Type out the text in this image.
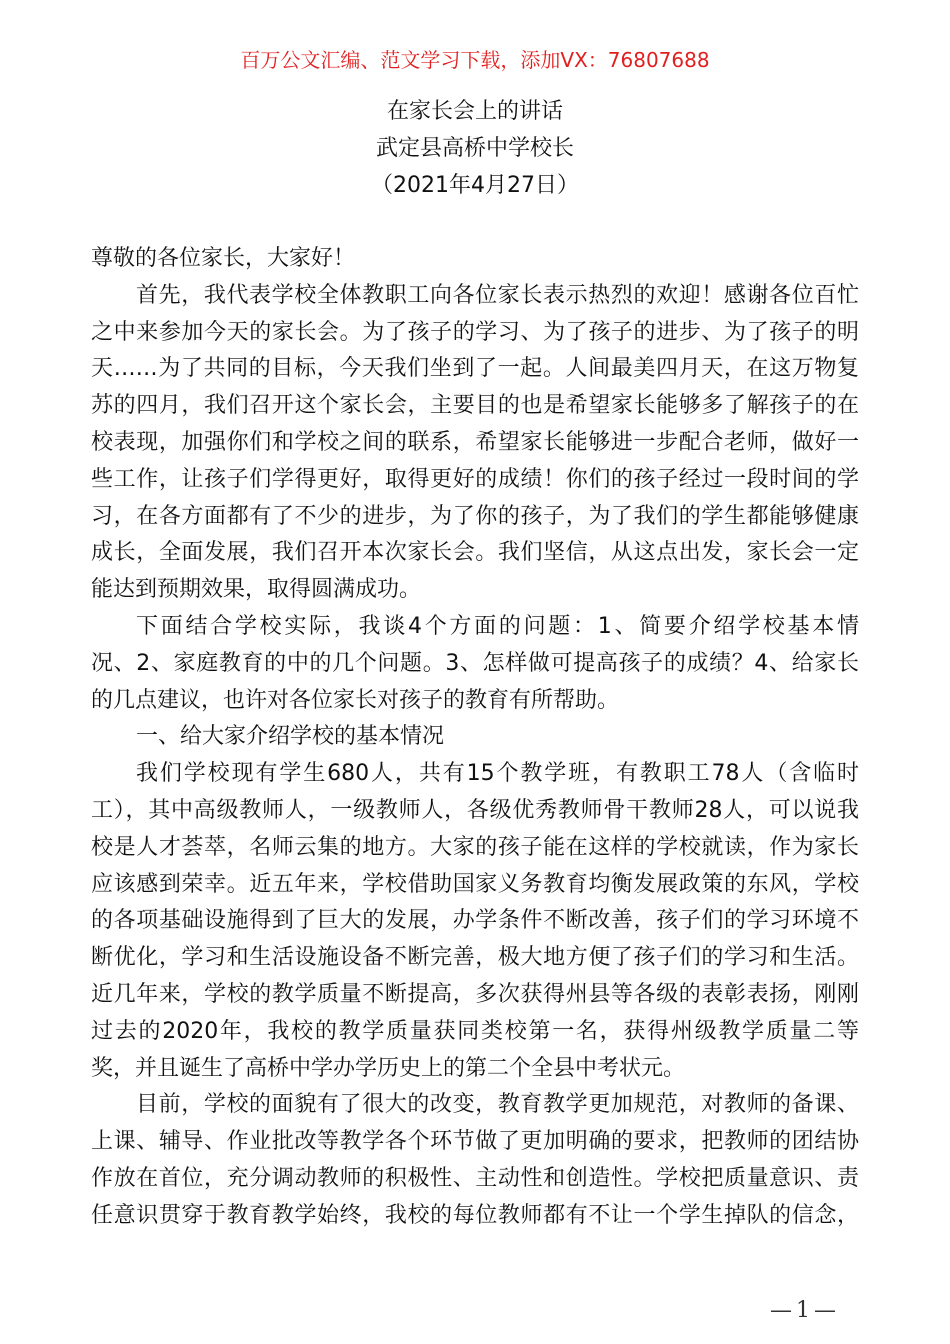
百万公文汇编、范文学习下载，添加VX：76807688
在家长会上的讲话
武定县高桥中学校长
（2021年4月27日）
尊敬的各位家长，大家好！
首先，我代表学校全体教职工向各位家长表示热烈的欢迎！感谢各位百忙
之中来参加今天的家长会。为了孩子的学习、为了孩子的进步、为了孩子的明
天……为了共同的目标，今天我们坐到了一起。人间最美四月天，在这万物复
苏的四月，我们召开这个家长会，主要目的也是希望家长能够多了解孩子的在
校表现，加强你们和学校之间的联系，希望家长能够进一步配合老师，做好一
些工作，让孩子们学得更好，取得更好的成绩！你们的孩子经过一段时间的学
习，在各方面都有了不少的进步，为了你的孩子，为了我们的学生都能够健康
成长，全面发展，我们召开本次家长会。我们坚信，从这点出发，家长会一定
能达到预期效果，取得圆满成功。
下面结合学校实际，我谈4个方面的问题：1、简要介绍学校基本情
况、2、家庭教育的中的几个问题。3、怎样做可提高孩子的成绩？4、给家长
的几点建议，也许对各位家长对孩子的教育有所帮助。
一、给大家介绍学校的基本情况
我们学校现有学生680人，共有15个教学班，有教职工78人（含临时
工），其中高级教师人，一级教师人，各级优秀教师骨干教师28人，可以说我
校是人才荟萃，名师云集的地方。大家的孩子能在这样的学校就读，作为家长
应该感到荣幸。近五年来，学校借助国家义务教育均衡发展政策的东风，学校
的各项基础设施得到了巨大的发展，办学条件不断改善，孩子们的学习环境不
断优化，学习和生活设施设备不断完善，极大地方便了孩子们的学习和生活。
近几年来，学校的教学质量不断提高，多次获得州县等各级的表彰表扬，刚刚
过去的2020年，我校的教学质量获同类校第一名，获得州级教学质量二等
奖，并且诞生了高桥中学办学历史上的第二个全县中考状元。
目前，学校的面貌有了很大的改变，教育教学更加规范，对教师的备课、
上课、辅导、作业批改等教学各个环节做了更加明确的要求，把教师的团结协
作放在首位，充分调动教师的积极性、主动性和创造性。学校把质量意识、责
任意识贯穿于教育教学始终，我校的每位教师都有不让一个学生掉队的信念，
—1—
